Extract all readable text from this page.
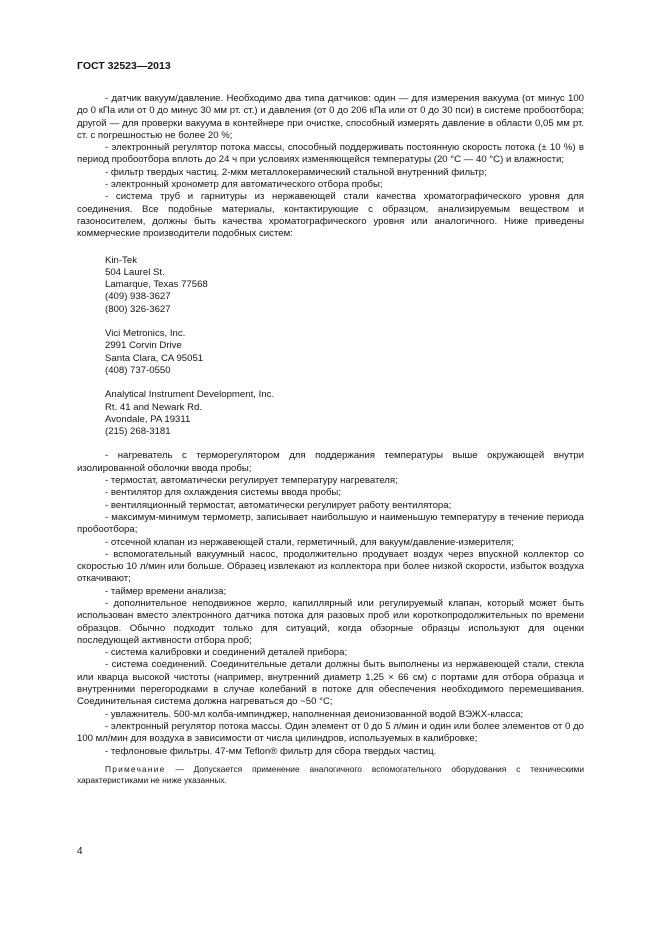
ГОСТ 32523—2013

- датчик вакуум/давление. Необходимо два типа датчиков: один — для измерения вакуума (от минус 100 до 0 кПа или от 0 до минус 30 мм рт. ст.) и давления (от 0 до 206 кПа или от 0 до 30 пси) в системе пробоотбора; другой — для проверки вакуума в контейнере при очистке, способный измерять давление в области 0,05 мм рт. ст. с погрешностью не более 20 %;

- электронный регулятор потока массы, способный поддерживать постоянную скорость потока (± 10 %) в период пробоотбора вплоть до 24 ч при условиях изменяющейся температуры (20 °С — 40 °С) и влажности;

- фильтр твердых частиц. 2-мкм металлокерамический стальной внутренний фильтр;

- электронный хронометр для автоматического отбора пробы;

- система труб и гарнитуры из нержавеющей стали качества хроматографического уровня для соединения. Все подобные материалы, контактирующие с образцом, анализируемым веществом и газоносителем, должны быть качества хроматографического уровня или аналогичного. Ниже приведены коммерческие производители подобных систем:

Kin-Tek
504 Laurel St.
Lamarque, Texas 77568
(409) 938-3627
(800) 326-3627
Vici Metronics, Inc.
2991 Corvin Drive
Santa Clara, CA 95051
(408) 737-0550
Analytical Instrument Development, Inc.
Rt. 41 and Newark Rd.
Avondale, PA 19311
(215) 268-3181

- нагреватель с терморегулятором для поддержания температуры выше окружающей внутри изолированной оболочки ввода пробы;

- термостат, автоматически регулирует температуру нагревателя;

- вентилятор для охлаждения системы ввода пробы;

- вентиляционный термостат, автоматически регулирует работу вентилятора;

- максимум-минимум термометр, записывает наибольшую и наименьшую температуру в течение периода пробоотбора;

- отсечной клапан из нержавеющей стали, герметичный, для вакуум/давление-измерителя;

- вспомогательный вакуумный насос, продолжительно продувает воздух через впускной коллектор со скоростью 10 л/мин или больше. Образец извлекают из коллектора при более низкой скорости, избыток воздуха откачивают;

- таймер времени анализа;

- дополнительное неподвижное жерло, капиллярный или регулируемый клапан, который может быть использован вместо электронного датчика потока для разовых проб или короткопродолжительных по времени образцов. Обычно подходит только для ситуаций, когда обзорные образцы используют для оценки последующей активности отбора проб;

- система калибровки и соединений деталей прибора;

- система соединений. Соединительные детали должны быть выполнены из нержавеющей стали, стекла или кварца высокой чистоты (например, внутренний диаметр 1,25 × 66 см) с портами для отбора образца и внутренними перегородками в случае колебаний в потоке для обеспечения необходимого перемешивания. Соединительная система должна нагреваться до ~50 °С;

- увлажнитель. 500-мл колба-импинджер, наполненная деионизованной водой ВЭЖХ-класса;

- электронный регулятор потока массы. Один элемент от 0 до 5 л/мин и один или более элементов от 0 до 100 мл/мин для воздуха в зависимости от числа цилиндров, используемых в калибровке;

- тефлоновые фильтры. 47-мм Teflon® фильтр для сбора твердых частиц.

Примечание — Допускается применение аналогичного вспомогательного оборудования с техническими характеристиками не ниже указанных.

4
